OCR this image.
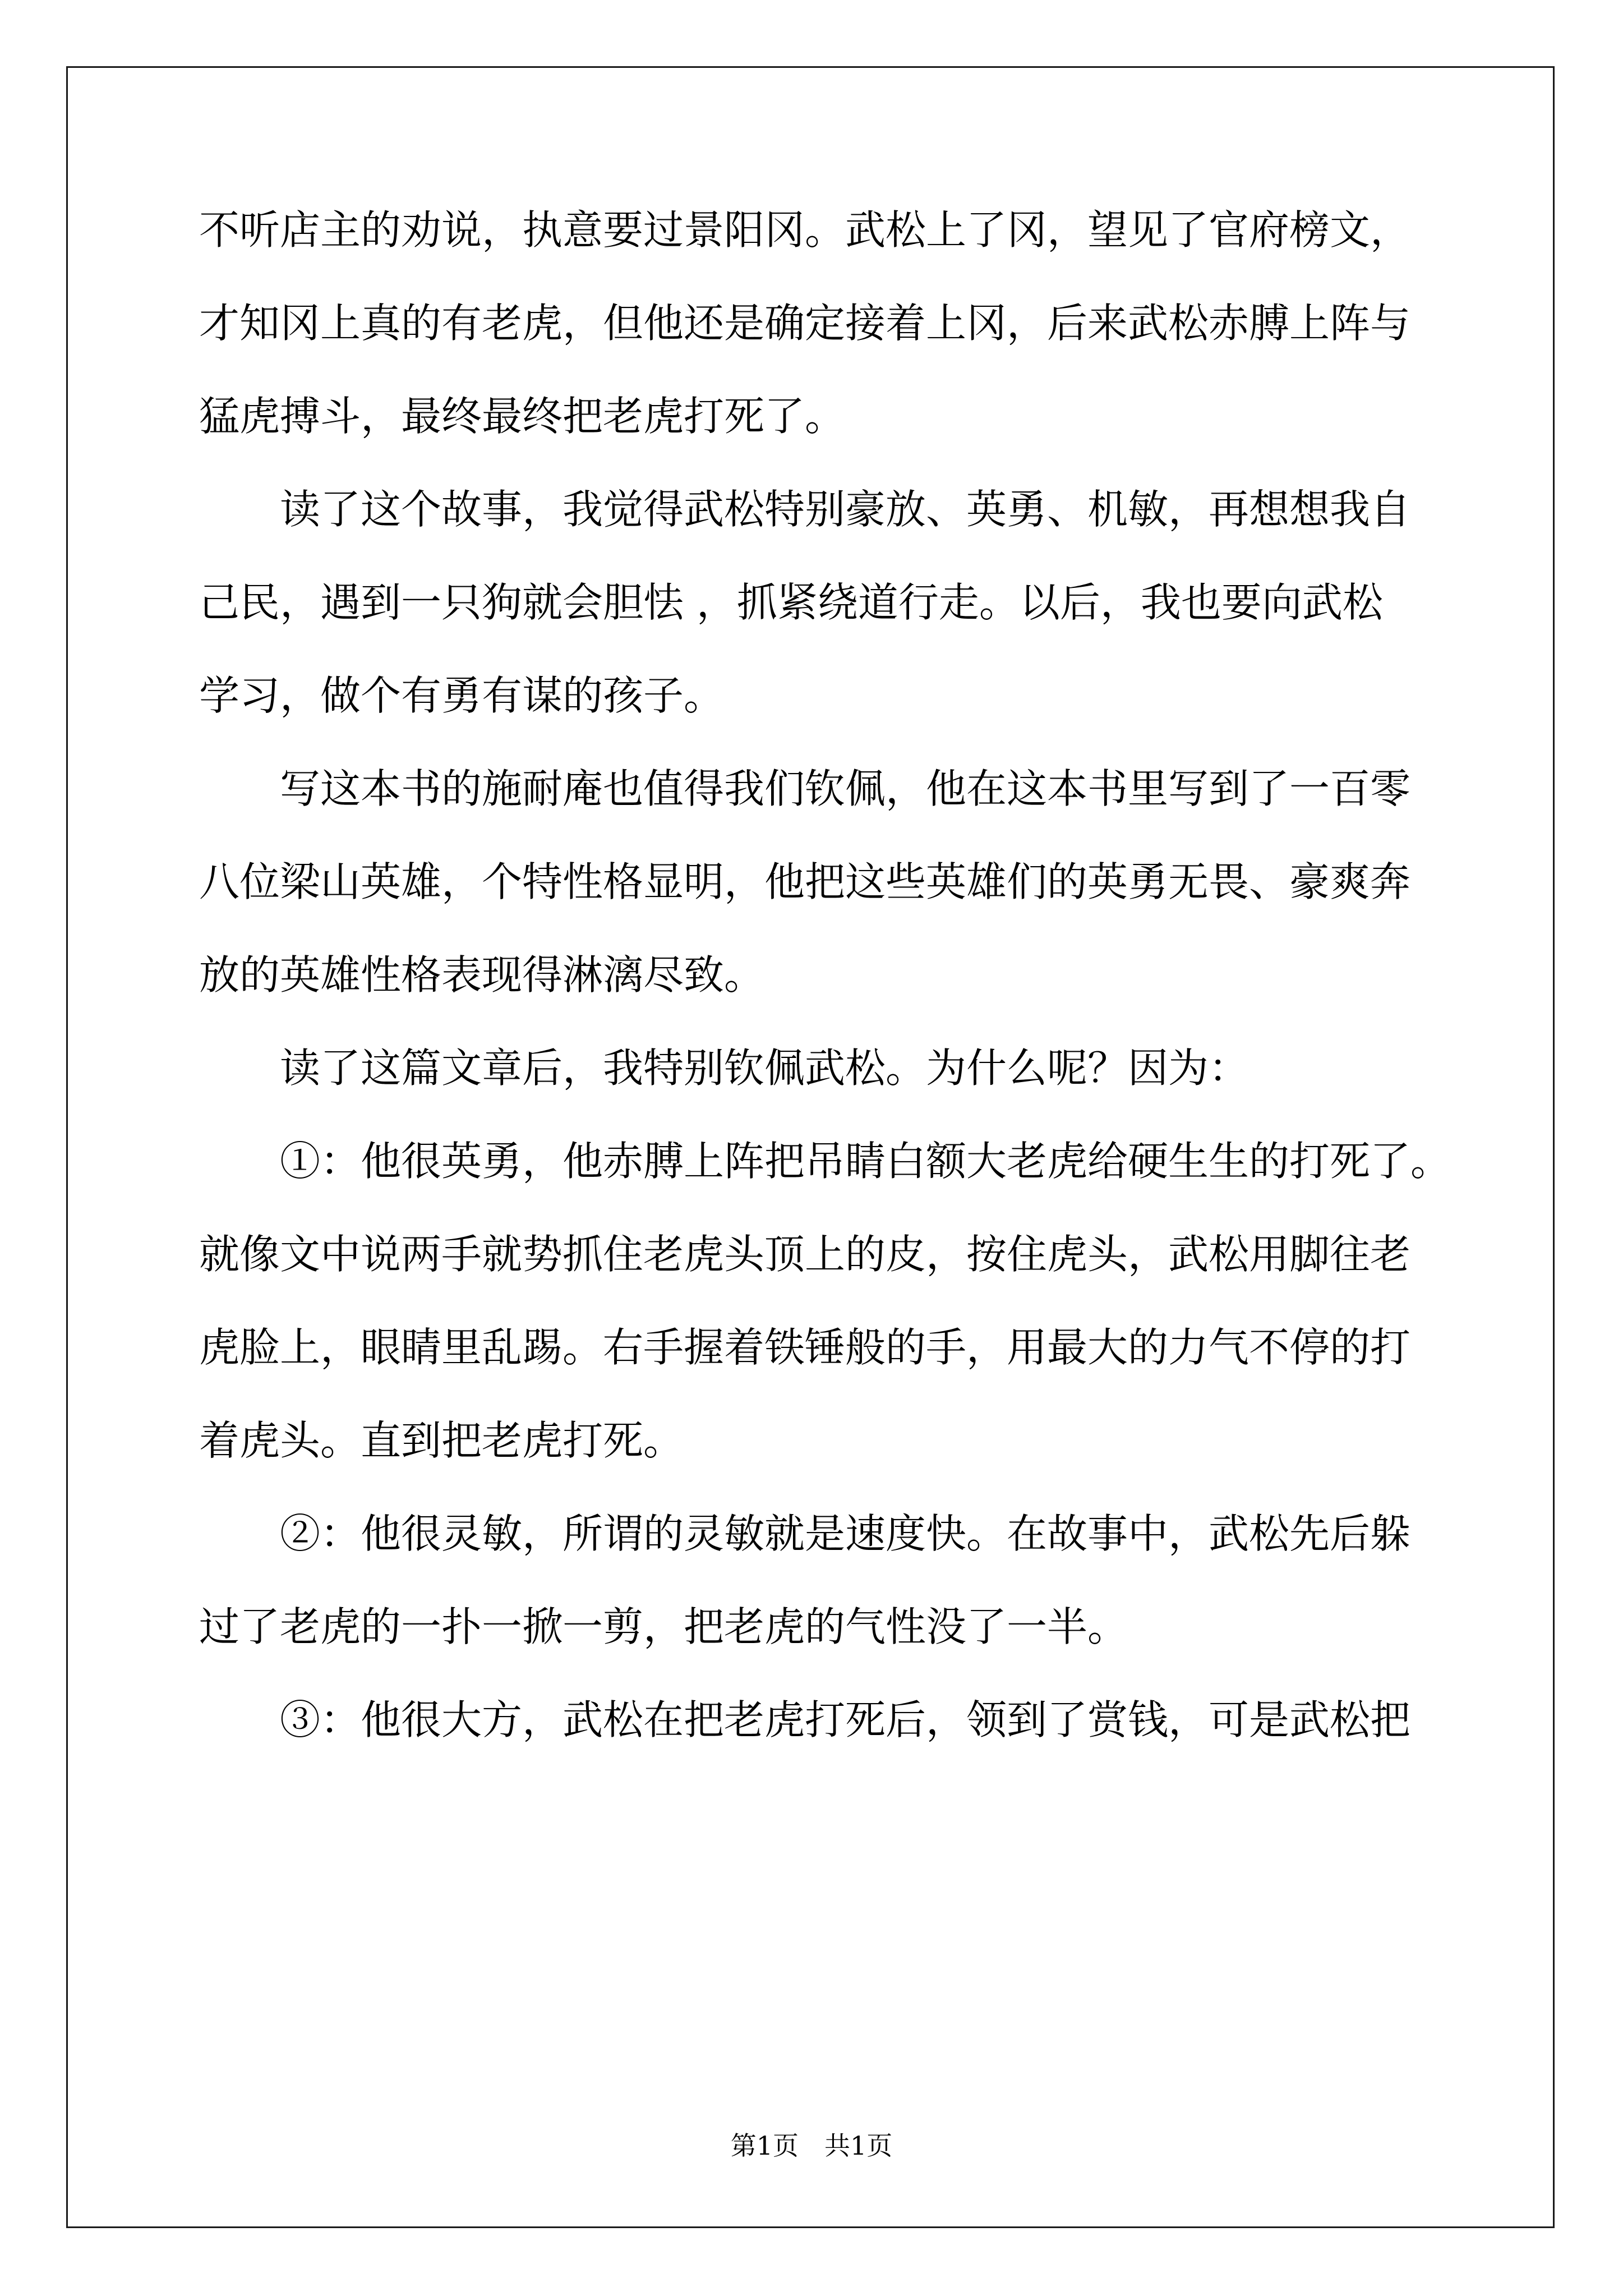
不听店主的劝说，执意要过景阳冈。武松上了冈，望见了官府榜文，
才知冈上真的有老虎，但他还是确定接着上冈，后来武松赤膊上阵与
猛虎搏斗，最终最终把老虎打死了。
读了这个故事，我觉得武松特别豪放、英勇、机敏，再想想我自
己民，遇到一只狗就会胆怯 ，抓紧绕道行走。以后，我也要向武松
学习，做个有勇有谋的孩子。
写这本书的施耐庵也值得我们钦佩，他在这本书里写到了一百零
八位梁山英雄，个特性格显明，他把这些英雄们的英勇无畏、豪爽奔
放的英雄性格表现得淋漓尽致。
读了这篇文章后，我特别钦佩武松。为什么呢？因为：
①：他很英勇，他赤膊上阵把吊睛白额大老虎给硬生生的打死了。
就像文中说两手就势抓住老虎头顶上的皮，按住虎头，武松用脚往老
虎脸上，眼睛里乱踢。右手握着铁锤般的手，用最大的力气不停的打
着虎头。直到把老虎打死。
②：他很灵敏，所谓的灵敏就是速度快。在故事中，武松先后躲
过了老虎的一扑一掀一剪，把老虎的气性没了一半。
③：他很大方，武松在把老虎打死后，领到了赏钱，可是武松把
第1页　共1页
